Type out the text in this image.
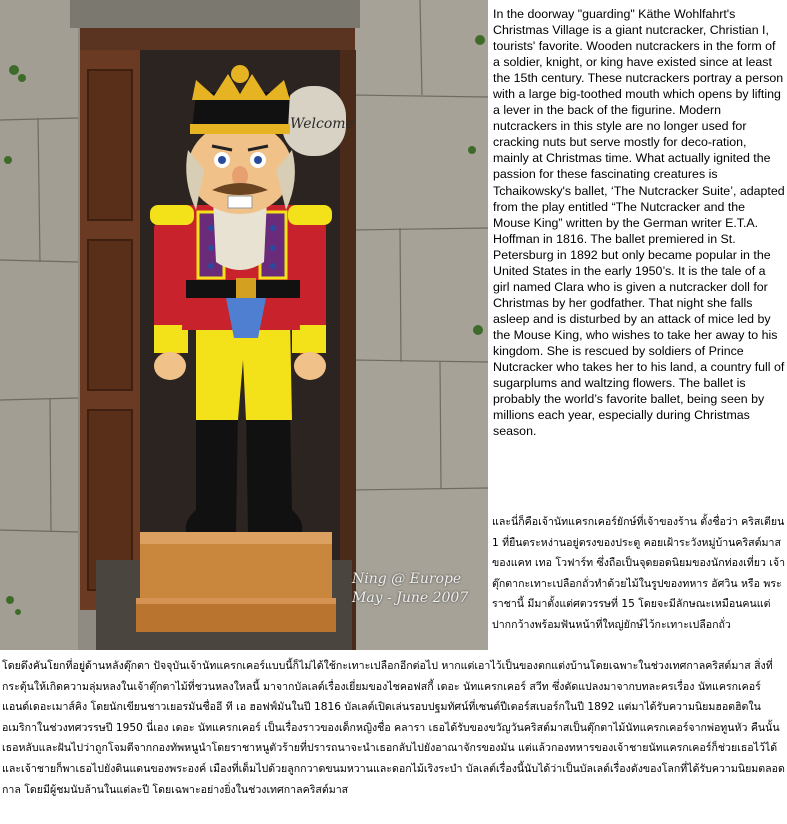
Welcome
Ning @ Europe
May - June 2007

In the doorway "guarding" Käthe Wohlfahrt's Christmas Village is a giant nutcracker, Christian I, tourists' favorite. Wooden nutcrackers in the form of a soldier, knight, or king have existed since at least the 15th century. These nutcrackers portray a person with a large big-toothed mouth which opens by lifting a lever in the back of the figurine. Modern nutcrackers in this style are no longer used for cracking nuts but serve mostly for deco-ration, mainly at Christmas time. What actually ignited the passion for these fascinating creatures is Tchaikowsky's ballet, ‘The Nutcracker Suite’, adapted from the play entitled “The Nutcracker and the Mouse King” written by the German writer E.T.A. Hoffman in 1816. The ballet premiered in St. Petersburg in 1892 but only became popular in the United States in the early 1950’s. It is the tale of a girl named Clara who is given a nutcracker doll for Christmas by her godfather. That night she falls asleep and is disturbed by an attack of mice led by the Mouse King, who wishes to take her away to his kingdom. She is rescued by soldiers of Prince Nutcracker who takes her to his land, a country full of sugarplums and waltzing flowers. The ballet is probably the world’s favorite ballet, being seen by millions each year, especially during Christmas season.

และนี่ก็คือเจ้านัทแครกเคอร์ยักษ์ที่เจ้าของร้าน ตั้งชื่อว่า คริสเตียน 1 ที่ยืนตระหง่านอยู่ตรงของประตู คอยเฝ้าระวังหมู่บ้านคริสต์มาสของแคท เทอ โวฟาร์ท ซึ่งถือเป็นจุดยอดนิยมของนักท่องเที่ยว เจ้าตุ๊กตากะเทาะเปลือกถั่วทำด้วยไม้ในรูปของทหาร อัศวิน หรือ พระราชานี้ มีมาตั้งแต่ศตวรรษที่ 15 โดยจะมีลักษณะเหมือนคนแต่ปากกว้างพร้อมฟันหน้าที่ใหญ่ยักษ์ไว้กะเทาะเปลือกถั่ว

โดยดึงคันโยกที่อยู่ด้านหลังตุ๊กตา ปัจจุบันเจ้านัทแครกเคอร์แบบนี้ก็ไม่ได้ใช้กะเทาะเปลือกอีกต่อไป หากแต่เอาไว้เป็นของตกแต่งบ้านโดยเฉพาะในช่วงเทศกาลคริสต์มาส สิ่งที่กระตุ้นให้เกิดความลุ่มหลงในเจ้าตุ๊กตาไม้ที่ชวนหลงใหลนี้ มาจากบัลเลต์เรื่องเยี่ยมของไชคอฟสกี้ เดอะ นัทแครกเคอร์ สวีท ซึ่งดัดแปลงมาจากบทละครเรื่อง นัทแครกเคอร์แอนด์เดอะเมาส์คิง โดยนักเขียนชาวเยอรมันชื่ออี ที เอ ฮอฟฟ์มันในปี 1816 บัลเลต์เปิดเล่นรอบปฐมทัศน์ที่เซนต์ปีเตอร์สเบอร์กในปี 1892 แต่มาได้รับความนิยมฮอตฮิตในอเมริกาในช่วงทศวรรษปี 1950 นี่เอง เดอะ นัทแครกเคอร์ เป็นเรื่องราวของเด็กหญิงชื่อ คลารา เธอได้รับของขวัญวันคริสต์มาสเป็นตุ๊กตาไม้นัทแครกเคอร์จากพ่อทูนหัว คืนนั้นเธอหลับและฝันไปว่าถูกโจมตีจากกองทัพหนูนำโดยราชาหนูตัวร้ายที่ปรารถนาจะนำเธอกลับไปยังอาณาจักรของมัน แต่แล้วกองทหารของเจ้าชายนัทแครกเคอร์ก็ช่วยเธอไว้ได้ และเจ้าชายก็พาเธอไปยังดินแดนของพระองค์ เมืองที่เต็มไปด้วยลูกกวาดขนมหวานและดอกไม้เริงระบำ บัลเลต์เรื่องนี้นับได้ว่าเป็นบัลเลต์เรื่องดังของโลกที่ได้รับความนิยมตลอดกาล โดยมีผู้ชมนับล้านในแต่ละปี โดยเฉพาะอย่างยิ่งในช่วงเทศกาลคริสต์มาส
